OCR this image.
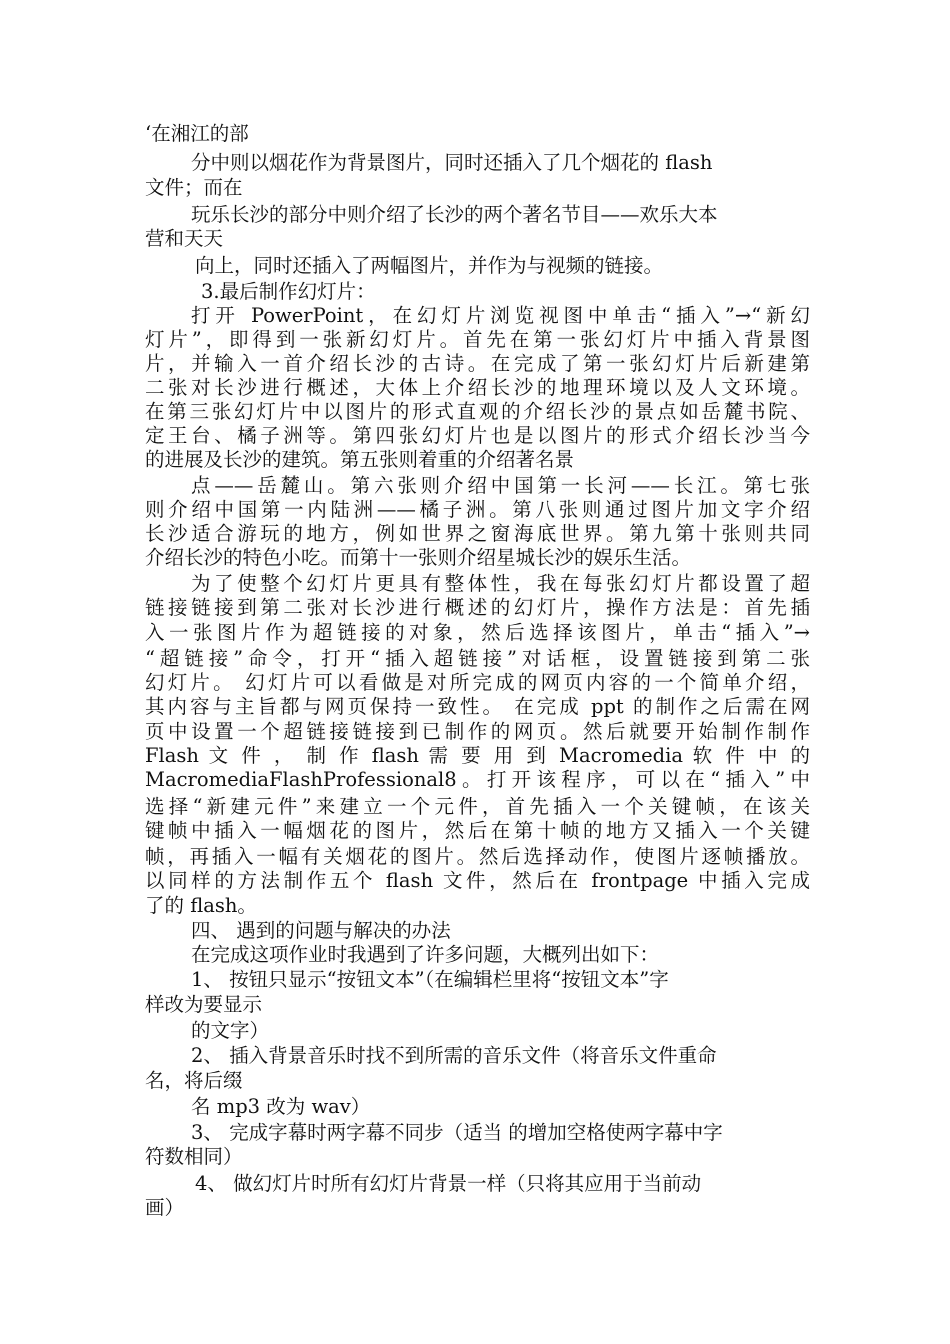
‘在湘江的部
分中则以烟花作为背景图片，同时还插入了几个烟花的 flash
文件；而在
玩乐长沙的部分中则介绍了长沙的两个著名节目——欢乐大本
营和天天
向上，同时还插入了两幅图片，并作为与视频的链接。
3.最后制作幻灯片：
打开 PowerPoint，在幻灯片浏览视图中单击“插入”→“新幻
灯片”，即得到一张新幻灯片。首先在第一张幻灯片中插入背景图
片，并输入一首介绍长沙的古诗。在完成了第一张幻灯片后新建第
二张对长沙进行概述，大体上介绍长沙的地理环境以及人文环境。
在第三张幻灯片中以图片的形式直观的介绍长沙的景点如岳麓书院、
定王台、橘子洲等。第四张幻灯片也是以图片的形式介绍长沙当今
的进展及长沙的建筑。第五张则着重的介绍著名景
点——岳麓山。第六张则介绍中国第一长河——长江。第七张
则介绍中国第一内陆洲——橘子洲。第八张则通过图片加文字介绍
长沙适合游玩的地方，例如世界之窗海底世界。第九第十张则共同
介绍长沙的特色小吃。而第十一张则介绍星城长沙的娱乐生活。
为了使整个幻灯片更具有整体性，我在每张幻灯片都设置了超
链接链接到第二张对长沙进行概述的幻灯片，操作方法是：首先插
入一张图片作为超链接的对象，然后选择该图片，单击“插入”→
“超链接”命令，打开“插入超链接”对话框，设置链接到第二张
幻灯片。 幻灯片可以看做是对所完成的网页内容的一个简单介绍，
其内容与主旨都与网页保持一致性。 在完成 ppt 的制作之后需在网
页中设置一个超链接链接到已制作的网页。然后就要开始制作制作
Flash 文 件 ， 制 作 flash 需 要 用 到 Macromedia 软 件 中 的
MacromediaFlashProfessional8。打开该程序，可以在“插入”中
选择“新建元件”来建立一个元件，首先插入一个关键帧，在该关
键帧中插入一幅烟花的图片，然后在第十帧的地方又插入一个关键
帧，再插入一幅有关烟花的图片。然后选择动作，使图片逐帧播放。
以同样的方法制作五个 flash 文件，然后在 frontpage 中插入完成
了的 flash。
四、 遇到的问题与解决的办法
在完成这项作业时我遇到了许多问题，大概列出如下：
1、 按钮只显示“按钮文本”（在编辑栏里将“按钮文本”字
样改为要显示
的文字）
2、 插入背景音乐时找不到所需的音乐文件（将音乐文件重命
名，将后缀
名 mp3 改为 wav）
3、 完成字幕时两字幕不同步（适当 的增加空格使两字幕中字
符数相同）
4、 做幻灯片时所有幻灯片背景一样（只将其应用于当前动
画）
